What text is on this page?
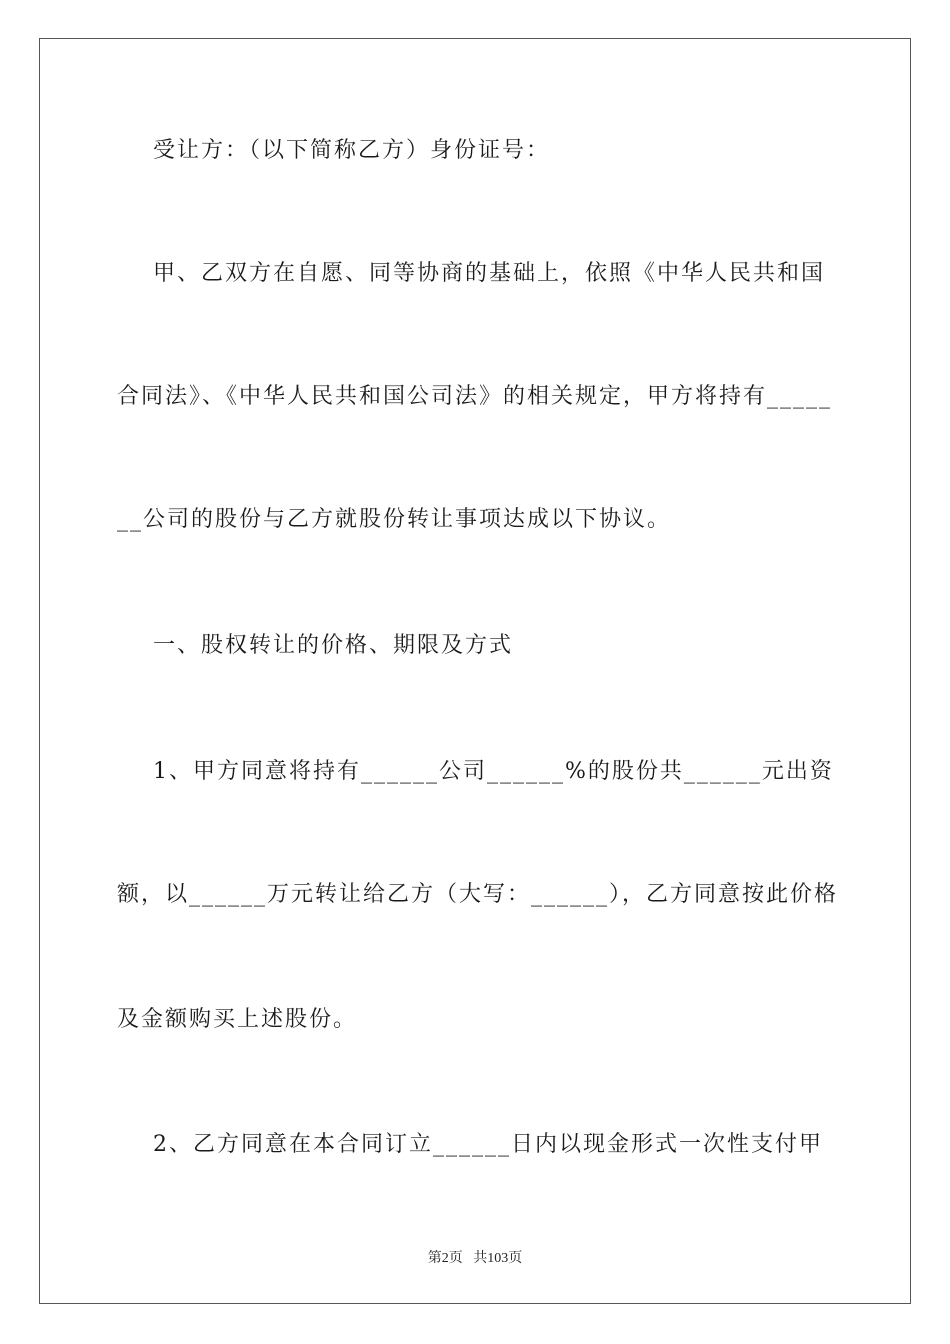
受让方：（以下简称乙方）身份证号：
甲、乙双方在自愿、同等协商的基础上，依照《中华人民共和国
合同法》、《中华人民共和国公司法》的相关规定，甲方将持有_____
__公司的股份与乙方就股份转让事项达成以下协议。
一、股权转让的价格、期限及方式
1、甲方同意将持有______公司______%的股份共______元出资
额，以______万元转让给乙方（大写：______），乙方同意按此价格
及金额购买上述股份。
2、乙方同意在本合同订立______日内以现金形式一次性支付甲
第2页   共103页
